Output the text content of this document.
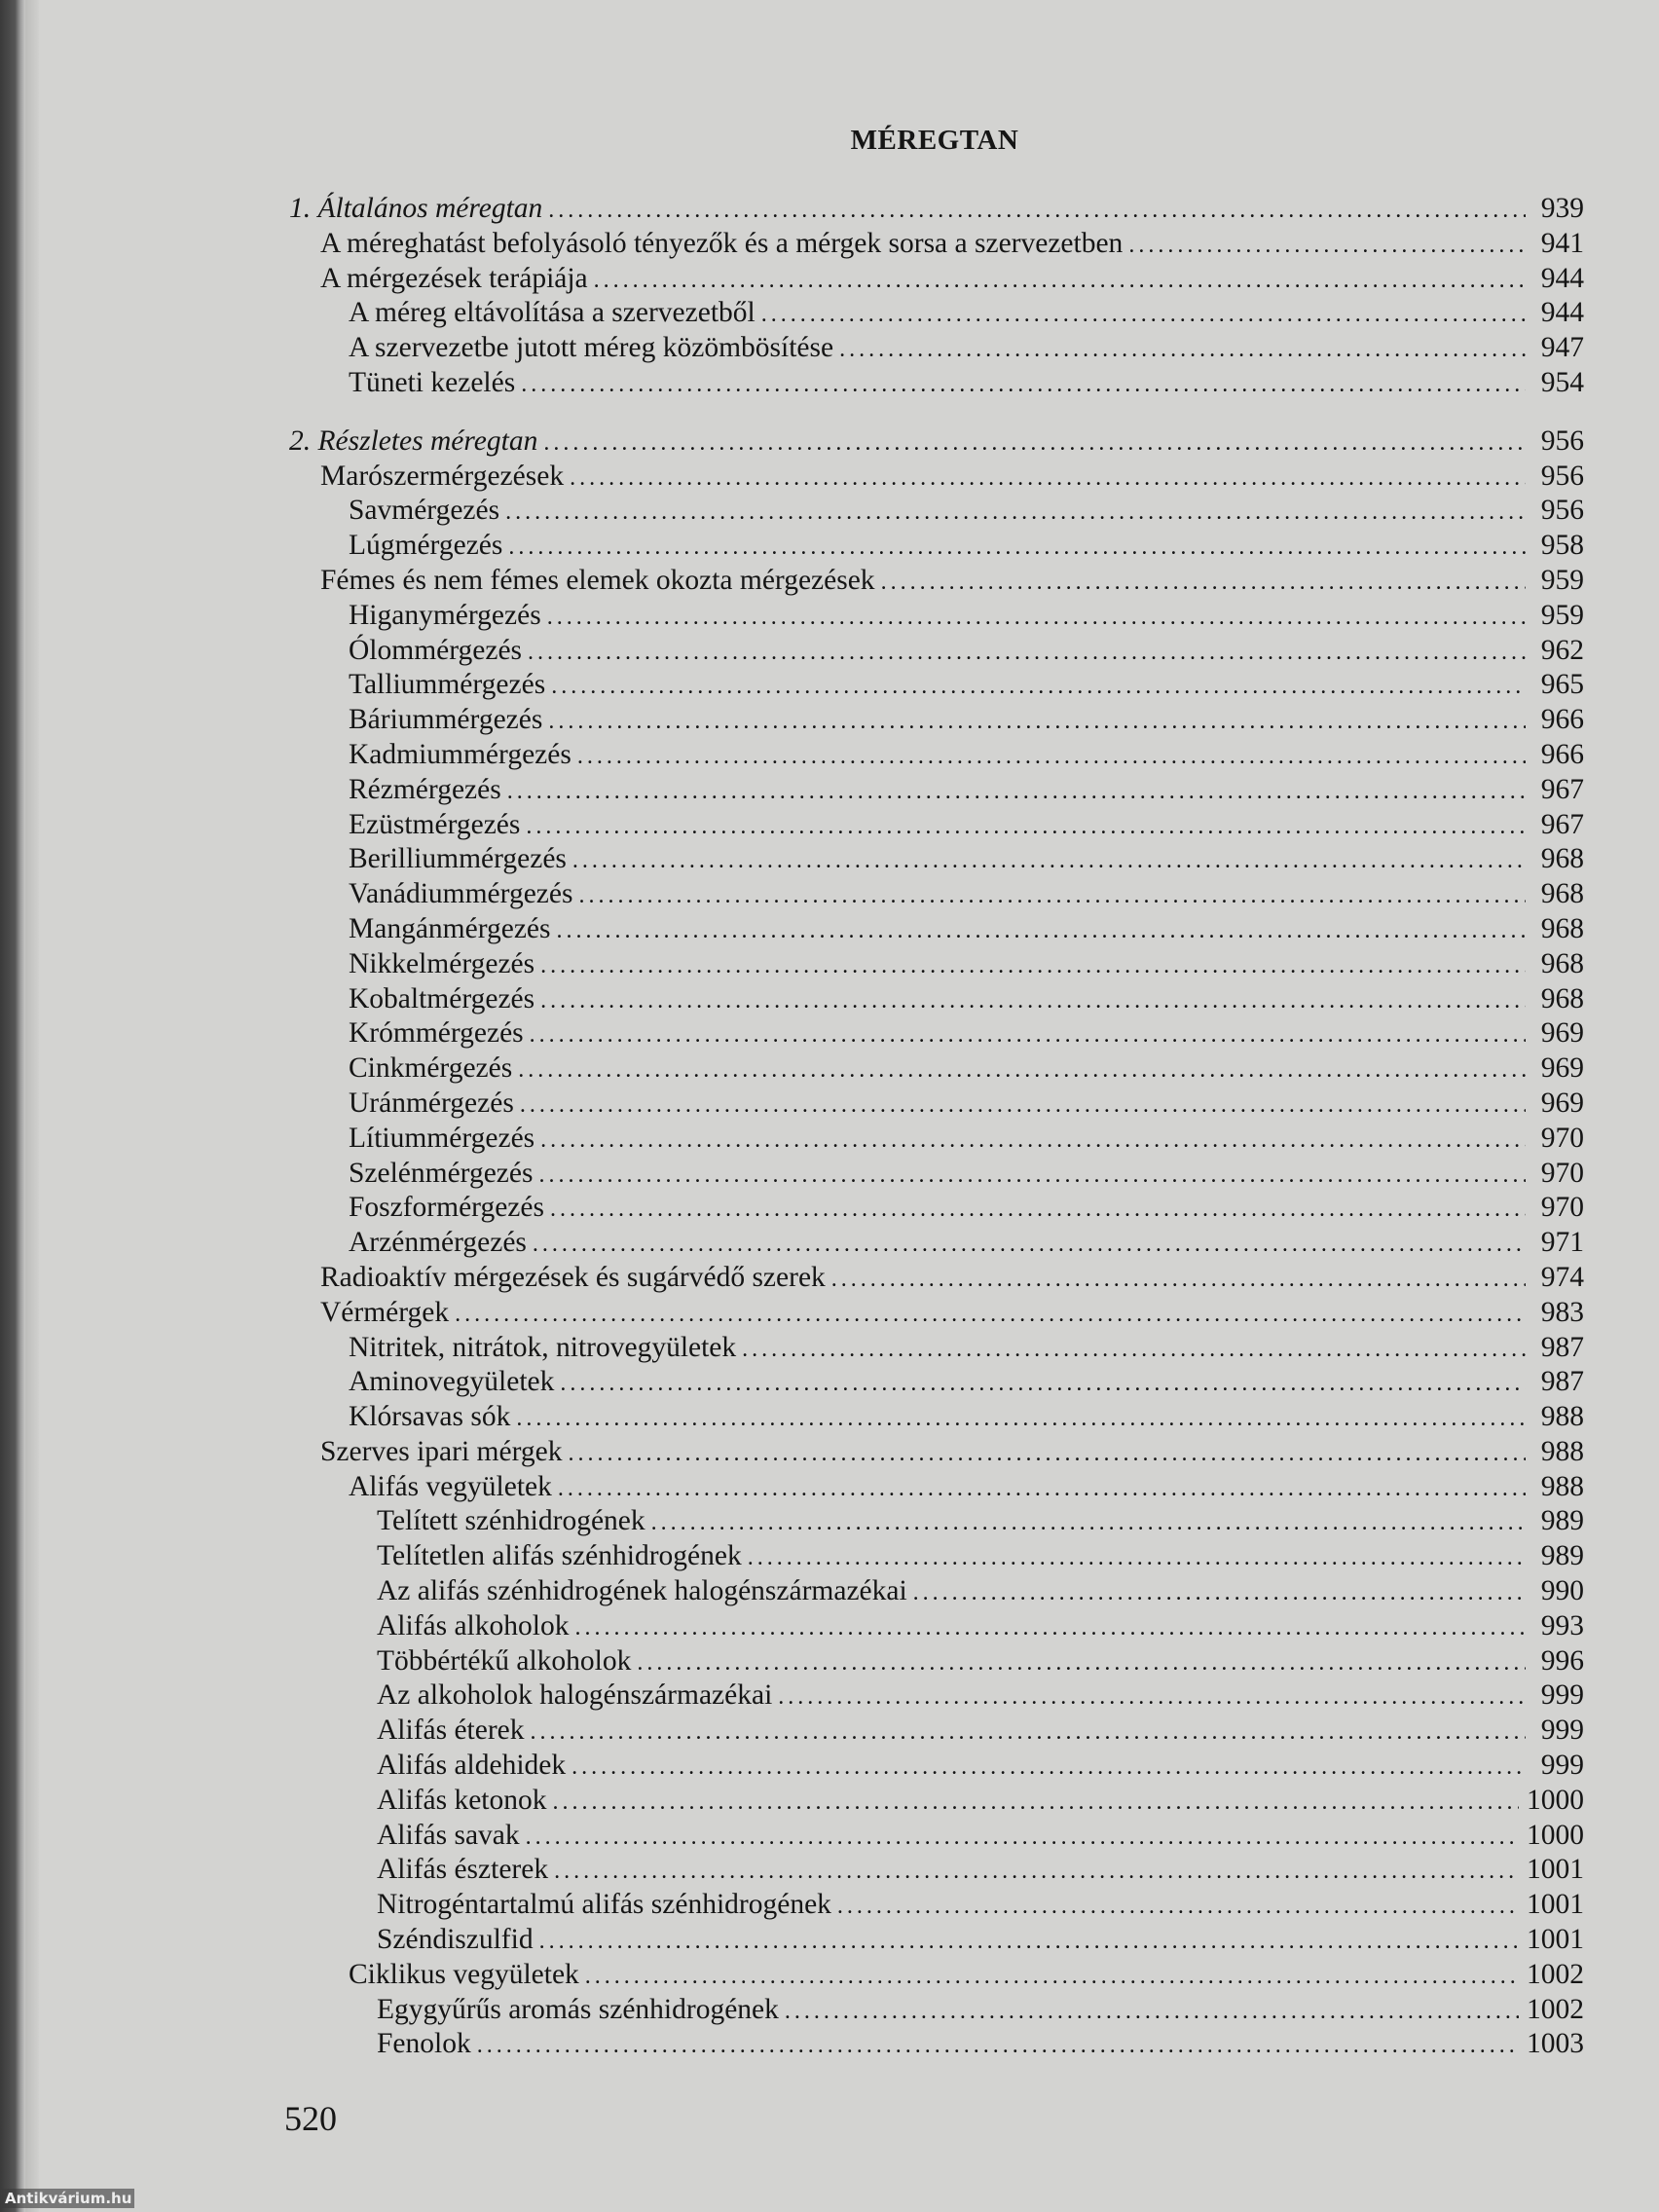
MÉREGTAN
1. Általános méregtan . . .	939
A méreghatást befolyásoló tényezők és a mérgek sorsa a szervezetben . . .	941
A mérgezések terápiája . . .	944
A méreg eltávolítása a szervezetből . . .	944
A szervezetbe jutott méreg közömbösítése . . .	947
Tüneti kezelés . . .	954
2. Részletes méregtan . . .	956
Marószermérgezések . . .	956
Savmérgezés . . .	956
Lúgmérgezés . . .	958
Fémes és nem fémes elemek okozta mérgezések . . .	959
Higanymérgezés . . .	959
Ólommérgezés . . .	962
Talliummérgezés . . .	965
Báriummérgezés . . .	966
Kadmiummérgezés . . .	966
Rézmérgezés . . .	967
Ezüstmérgezés . . .	967
Berilliummérgezés . . .	968
Vanádiummérgezés . . .	968
Mangánmérgezés . . .	968
Nikkelmérgezés . . .	968
Kobaltmérgezés . . .	968
Krómmérgezés . . .	969
Cinkmérgezés . . .	969
Uránmérgezés . . .	969
Lítiummérgezés . . .	970
Szelénmérgezés . . .	970
Foszformérgezés . . .	970
Arzénmérgezés . . .	971
Radioaktív mérgezések és sugárvédő szerek . . .	974
Vérmérgek . . .	983
Nitritek, nitrátok, nitrovegyületek . . .	987
Aminovegyületek . . .	987
Klórsavas sók . . .	988
Szerves ipari mérgek . . .	988
Alifás vegyületek . . .	988
Telített szénhidrogének . . .	989
Telítetlen alifás szénhidrogének . . .	989
Az alifás szénhidrogének halogénszármazékai . . .	990
Alifás alkoholok . . .	993
Többértékű alkoholok . . .	996
Az alkoholok halogénszármazékai . . .	999
Alifás éterek . . .	999
Alifás aldehidek . . .	999
Alifás ketonok . . .	1000
Alifás savak . . .	1000
Alifás észterek . . .	1001
Nitrogéntartalmú alifás szénhidrogének . . .	1001
Széndiszulfid . . .	1001
Ciklikus vegyületek . . .	1002
Egygyűrűs aromás szénhidrogének . . .	1002
Fenolok . . .	1003
520
Antikvárium.hu
